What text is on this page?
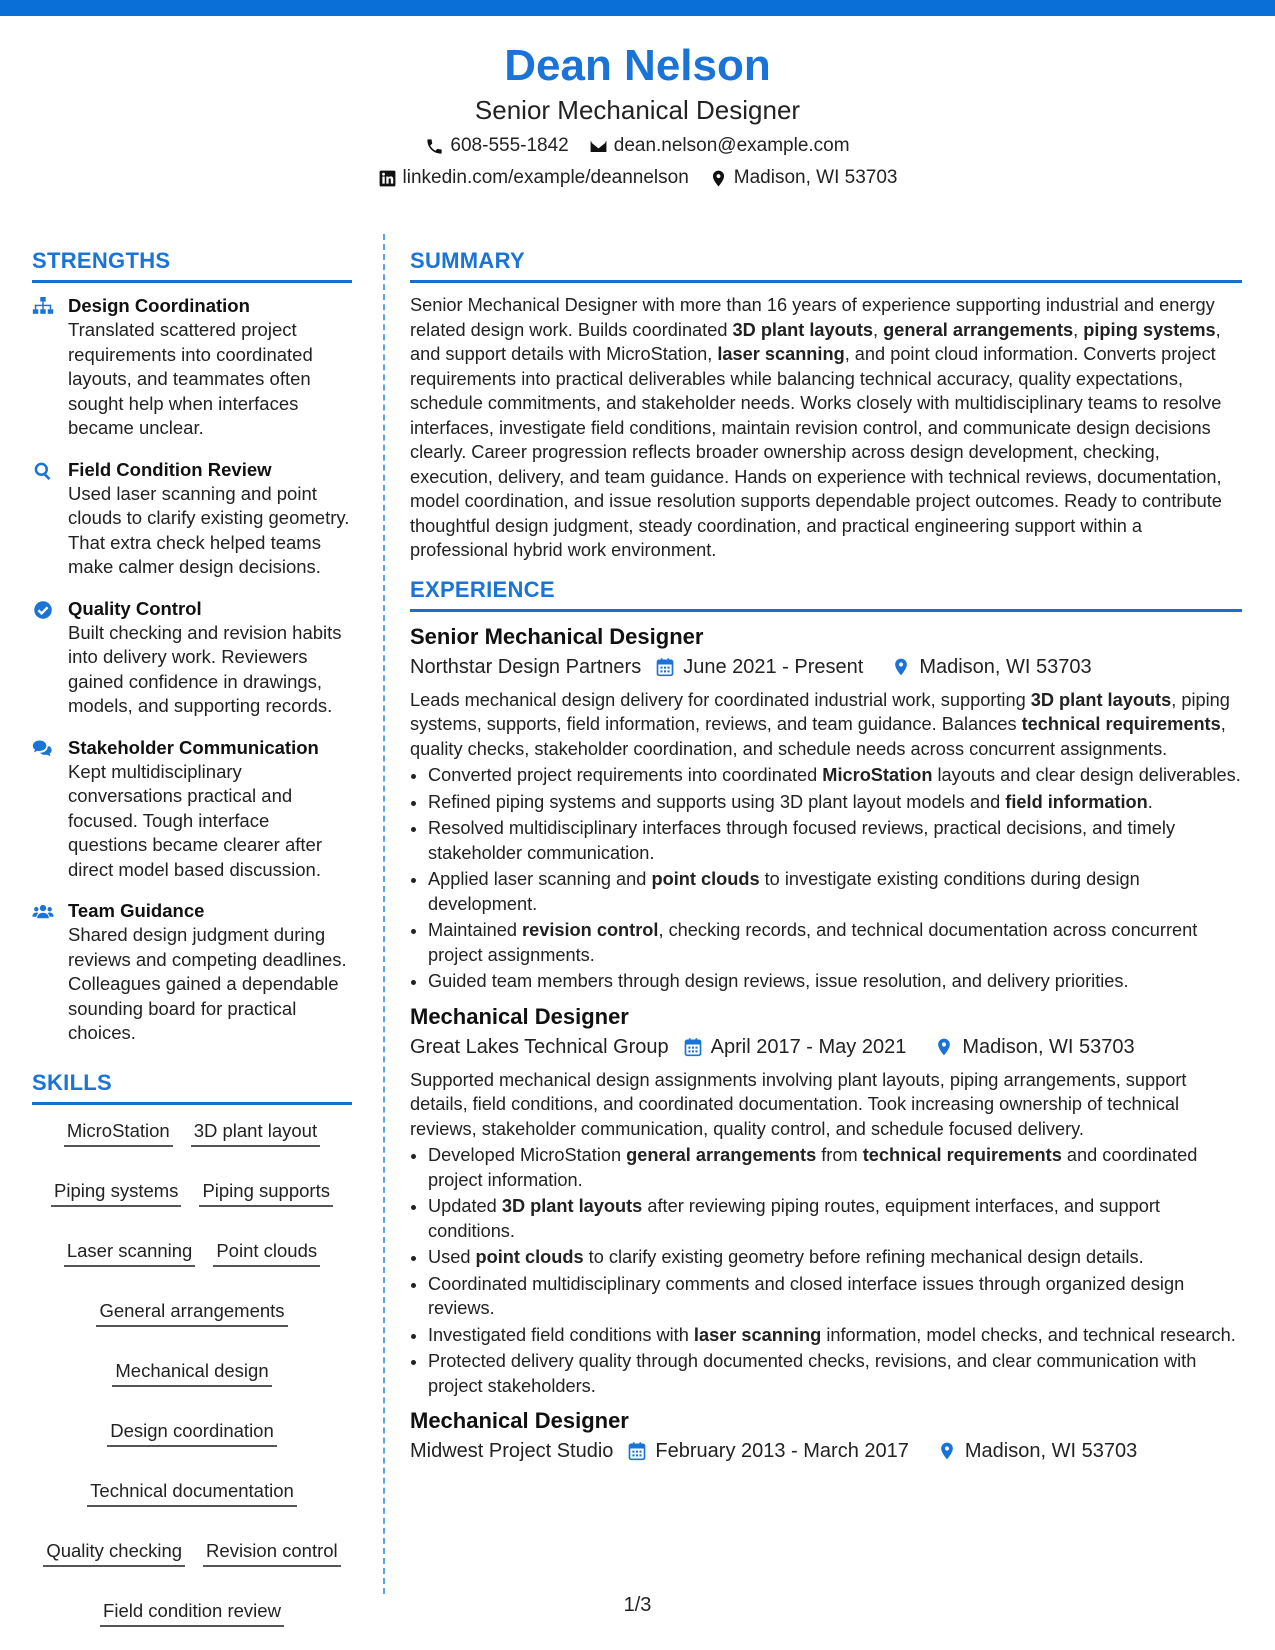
Dean Nelson
Senior Mechanical Designer
608-555-1842 dean.nelson@example.com
linkedin.com/example/deannelson Madison, WI 53703
STRENGTHS
Design Coordination
Translated scattered project requirements into coordinated layouts, and teammates often sought help when interfaces became unclear.
Field Condition Review
Used laser scanning and point clouds to clarify existing geometry. That extra check helped teams make calmer design decisions.
Quality Control
Built checking and revision habits into delivery work. Reviewers gained confidence in drawings, models, and supporting records.
Stakeholder Communication
Kept multidisciplinary conversations practical and focused. Tough interface questions became clearer after direct model based discussion.
Team Guidance
Shared design judgment during reviews and competing deadlines. Colleagues gained a dependable sounding board for practical choices.
SKILLS
MicroStation 3D plant layout
Piping systems Piping supports
Laser scanning Point clouds
General arrangements
Mechanical design
Design coordination
Technical documentation
Quality checking Revision control
Field condition review
SUMMARY

Senior Mechanical Designer with more than 16 years of experience supporting industrial and energy related design work. Builds coordinated 3D plant layouts, general arrangements, piping systems, and support details with MicroStation, laser scanning, and point cloud information. Converts project requirements into practical deliverables while balancing technical accuracy, quality expectations, schedule commitments, and stakeholder needs. Works closely with multidisciplinary teams to resolve interfaces, investigate field conditions, maintain revision control, and communicate design decisions clearly. Career progression reflects broader ownership across design development, checking, execution, delivery, and team guidance. Hands on experience with technical reviews, documentation, model coordination, and issue resolution supports dependable project outcomes. Ready to contribute thoughtful design judgment, steady coordination, and practical engineering support within a professional hybrid work environment.

EXPERIENCE
Senior Mechanical Designer
Northstar Design Partners June 2021 - Present	Madison, WI 53703

Leads mechanical design delivery for coordinated industrial work, supporting 3D plant layouts, piping systems, supports, field information, reviews, and team guidance. Balances technical requirements, quality checks, stakeholder coordination, and schedule needs across concurrent assignments.

• Converted project requirements into coordinated MicroStation layouts and clear design deliverables.
• Refined piping systems and supports using 3D plant layout models and field information.
• Resolved multidisciplinary interfaces through focused reviews, practical decisions, and timely stakeholder communication.
• Applied laser scanning and point clouds to investigate existing conditions during design development.
• Maintained revision control, checking records, and technical documentation across concurrent project assignments.
• Guided team members through design reviews, issue resolution, and delivery priorities.
Mechanical Designer
Great Lakes Technical Group April 2017 - May 2021	Madison, WI 53703

Supported mechanical design assignments involving plant layouts, piping arrangements, support details, field conditions, and coordinated documentation. Took increasing ownership of technical reviews, stakeholder communication, quality control, and schedule focused delivery.

• Developed MicroStation general arrangements from technical requirements and coordinated project information.
• Updated 3D plant layouts after reviewing piping routes, equipment interfaces, and support conditions.
• Used point clouds to clarify existing geometry before refining mechanical design details.
• Coordinated multidisciplinary comments and closed interface issues through organized design reviews.
• Investigated field conditions with laser scanning information, model checks, and technical research.
• Protected delivery quality through documented checks, revisions, and clear communication with project stakeholders.
Mechanical Designer
Midwest Project Studio February 2013 - March 2017	Madison, WI 53703
1/3
